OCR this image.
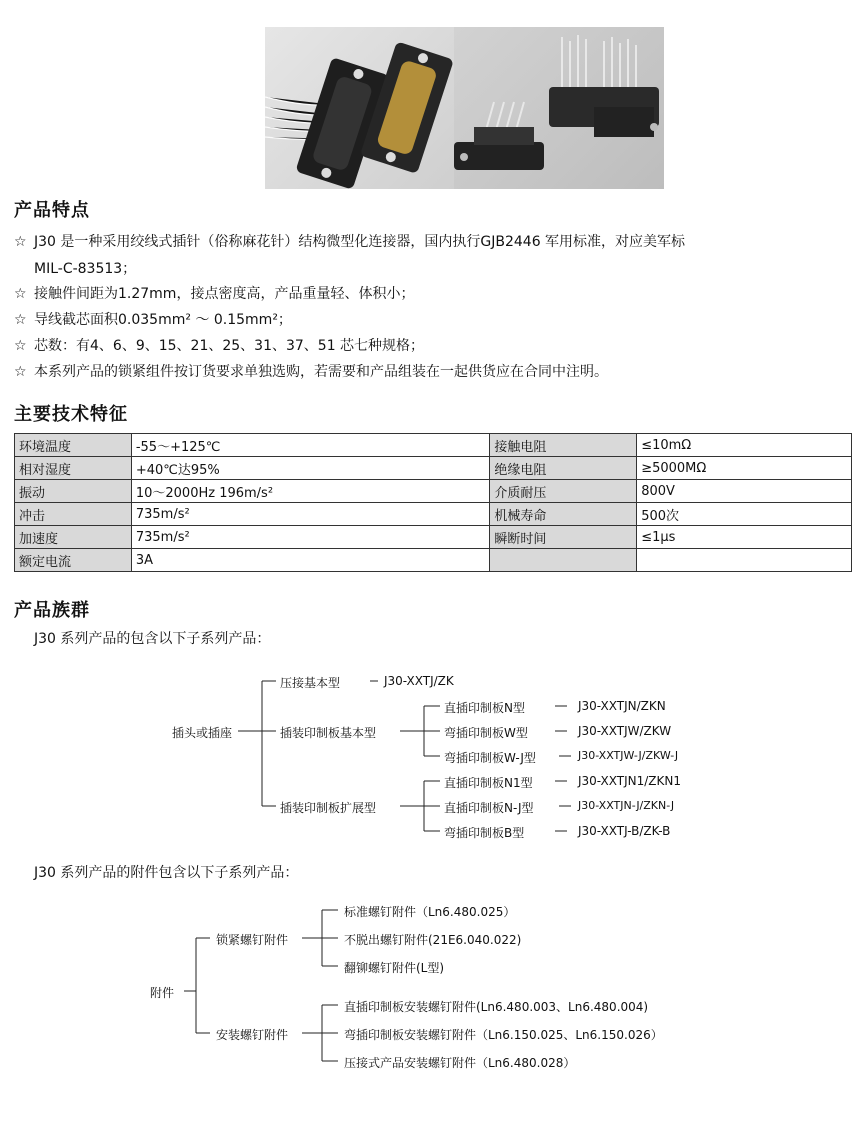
产品特点
☆ J30 是一种采用绞线式插针（俗称麻花针）结构微型化连接器，国内执行GJB2446 军用标准，对应美军标
MIL-C-83513；
☆ 接触件间距为1.27mm，接点密度高，产品重量轻、体积小；
☆ 导线截芯面积0.035mm² ～ 0.15mm²；
☆ 芯数：有4、6、9、15、21、25、31、37、51 芯七种规格；
☆ 本系列产品的锁紧组件按订货要求单独选购，若需要和产品组装在一起供货应在合同中注明。
主要技术特征
环境温度	-55～+125℃	接触电阻	≤10mΩ
相对湿度	+40℃达95%	绝缘电阻	≥5000MΩ
振动	10～2000Hz 196m/s²	介质耐压	800V
冲击	735m/s²	机械寿命	500次
加速度	735m/s²	瞬断时间	≤1μs
额定电流	3A		
产品族群
J30 系列产品的包含以下子系列产品：
插头或插座
压接基本型	J30-XXTJ/ZK
插装印制板基本型
插装印制板扩展型
直插印制板N型	J30-XXTJN/ZKN
弯插印制板W型	J30-XXTJW/ZKW
弯插印制板W-J型	J30-XXTJW-J/ZKW-J
直插印制板N1型	J30-XXTJN1/ZKN1
直插印制板N-J型	J30-XXTJN-J/ZKN-J
弯插印制板B型	J30-XXTJ-B/ZK-B
J30 系列产品的附件包含以下子系列产品：
附件
锁紧螺钉附件
安装螺钉附件
标准螺钉附件（Ln6.480.025）
不脱出螺钉附件(21E6.040.022)
翻铆螺钉附件(L型)
直插印制板安装螺钉附件(Ln6.480.003、Ln6.480.004)
弯插印制板安装螺钉附件（Ln6.150.025、Ln6.150.026）
压接式产品安装螺钉附件（Ln6.480.028）
